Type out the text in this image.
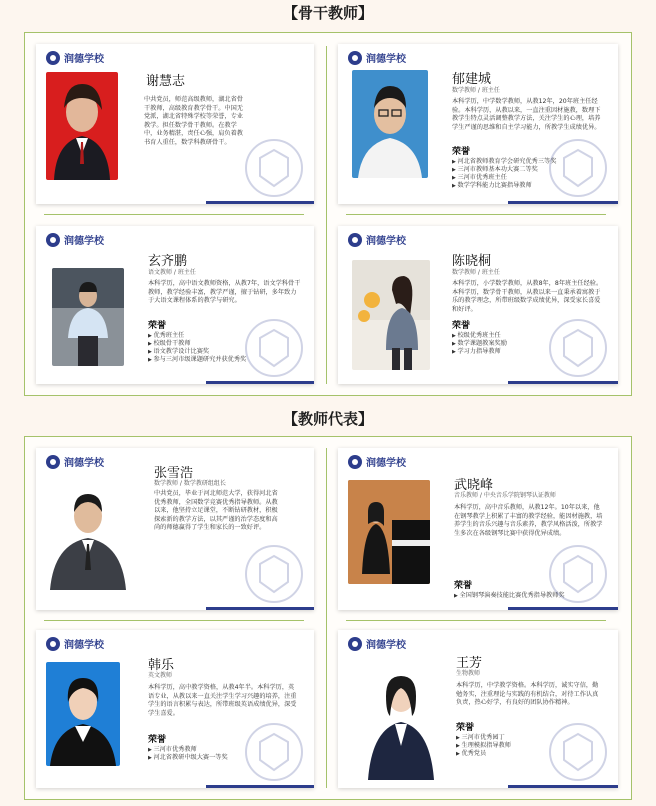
【骨干教师】
润德学校
谢慧志
中共党员，师范高级教师，湖北省骨干教师，高级教育教学骨干。中国无党派，湖北省特殊学校等荣誉，专业教学。担任数学骨干教师。在教学中，业务精湛，责任心强，肩负着教书育人重任，数学科教研骨干。
润德学校
郁建城
数学教师 / 班主任
本科学历，中学数学教师，从教12年，20年班主任经验。本科学历，从教以来，一直注重因材施教，数理下教学生特点灵活调整教学方法，关注学生的心理，培养学生严谨的思维和自主学习能力，所教学生成绩优异。
荣誉
▶ 河北省教师教育学会研究优秀三等奖
▶ 三河市教师基本功大赛二等奖
▶ 三河市优秀班主任
▶ 数学学科能力比赛指导教师
润德学校
玄齐鹏
语文教师 / 班主任
本科学历，高中语文教师资格，从教7年，语文学科骨干教师，教学经验丰富，教学严谨，擅于钻研，多年致力于大语文课程体系的教学与研究。
荣誉
▶ 优秀班主任
▶ 校级骨干教师
▶ 语文教学设计比赛奖
▶ 参与三河市级课题研究并获优秀奖
润德学校
陈晓桐
数学教师 / 班主任
本科学历，小学数学教师，从教8年，8年班主任经验。本科学历，数学骨干教师，从教以来一直秉承着寓教于乐的教学理念，所带班级数学成绩优异，深受家长喜爱和好评。
荣誉
▶ 校级优秀班主任
▶ 数学课题教案奖励
▶ 学习力指导教师
【教师代表】
润德学校
张雪浩
数学教师 / 数学教研组组长
中共党员，毕业于河北师范大学，获得河北省优秀教师，全国数学竞赛优秀指导教师。从教以来，他坚持立足课堂，不断钻研教材，积极探索新的教学方法，以其严谨的治学态度和高尚的师德赢得了学生和家长的一致好评。
润德学校
武晓峰
音乐教师 / 中央音乐学院钢琴认证教师
本科学历，高中音乐教师，从教12年。10年以来，他在钢琴教学上积累了丰富的教学经验，能因材施教，培养学生的音乐兴趣与音乐素养，教学风格活泼，所教学生多次在各级钢琴比赛中获得优异成绩。
荣誉
▶ 全国钢琴演奏技能比赛优秀指导教师奖
润德学校
韩乐
英文教师
本科学历，高中教学资格，从教4年半。本科学历，英语专业，从教以来一直关注学生学习兴趣的培养，注重学生的语言积累与表达，所带班级英语成绩优异，深受学生喜爱。
荣誉
▶ 三河市优秀教师
▶ 河北省教研中级大赛一等奖
润德学校
王芳
生物教师
本科学历，中学教学资格。本科学历，诚实守信，勤勉务实，注重理论与实践的有机结合，对待工作认真负责，热心好学，有良好的团队协作精神。
荣誉
▶ 三河市优秀园丁
▶ 生理模拟指导教师
▶ 优秀党员
